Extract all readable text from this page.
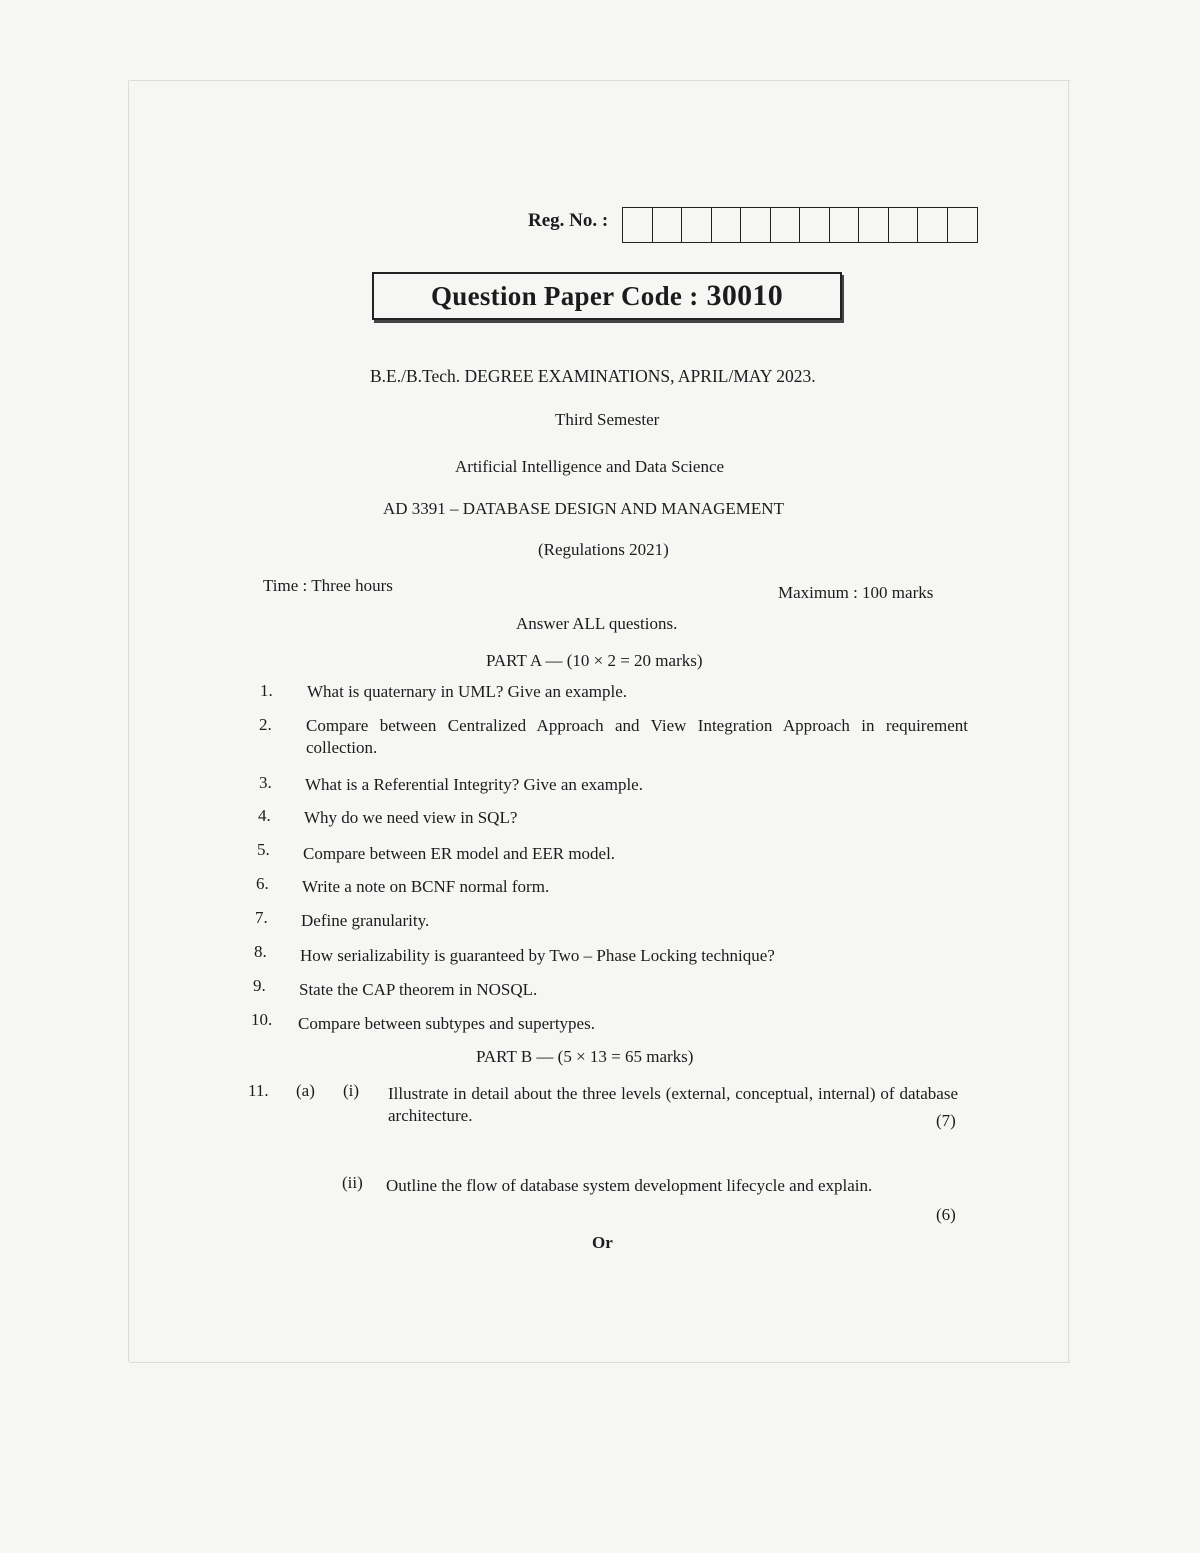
Reg. No. :
Question Paper Code : 30010
B.E./B.Tech. DEGREE EXAMINATIONS, APRIL/MAY 2023.
Third Semester
Artificial Intelligence and Data Science
AD 3391 – DATABASE DESIGN AND MANAGEMENT
(Regulations 2021)
Time : Three hours	Maximum : 100 marks
Answer ALL questions.
PART A — (10 × 2 = 20 marks)
1. What is quaternary in UML? Give an example.
2. Compare between Centralized Approach and View Integration Approach in requirement collection.
3. What is a Referential Integrity? Give an example.
4. Why do we need view in SQL?
5. Compare between ER model and EER model.
6. Write a note on BCNF normal form.
7. Define granularity.
8. How serializability is guaranteed by Two – Phase Locking technique?
9. State the CAP theorem in NOSQL.
10. Compare between subtypes and supertypes.
PART B — (5 × 13 = 65 marks)
11. (a) (i) Illustrate in detail about the three levels (external, conceptual, internal) of database architecture.	(7)
(ii) Outline the flow of database system development lifecycle and explain.
(6)
Or
